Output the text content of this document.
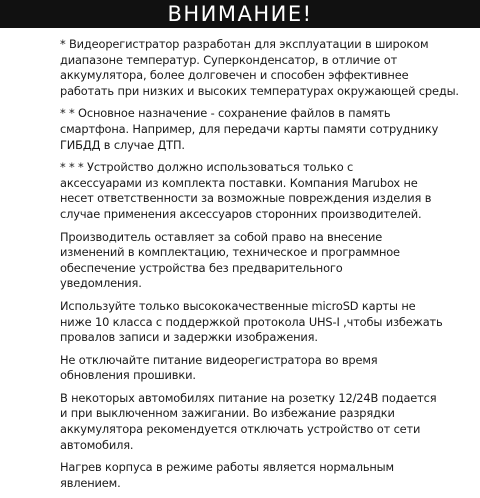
ВНИМАНИЕ!

* Видеорегистратор разработан для эксплуатации в широком
диапазоне температур. Суперконденсатор, в отличие от
аккумулятора, более долговечен и способен эффективнее
работать при низких и высоких температурах окружающей среды.

* * Основное назначение - сохранение файлов в память
смартфона. Например, для передачи карты памяти сотруднику
ГИБДД в случае ДТП.

* * * Устройство должно использоваться только с
аксессуарами из комплекта поставки. Компания Marubox не
несет ответственности за возможные повреждения изделия в
случае применения аксессуаров сторонних производителей.

Производитель оставляет за собой право на внесение
изменений в комплектацию, техническое и программное
обеспечение устройства без предварительного
уведомления.

Используйте только высококачественные microSD карты не
ниже 10 класса с поддержкой протокола UHS-I ,чтобы избежать
провалов записи и задержки изображения.

Не отключайте питание видеорегистратора во время
обновления прошивки.

В некоторых автомобилях питание на розетку 12/24В подается
и при выключенном зажигании. Во избежание разрядки
аккумулятора рекомендуется отключать устройство от сети
автомобиля.

Нагрев корпуса в режиме работы является нормальным
явлением.
